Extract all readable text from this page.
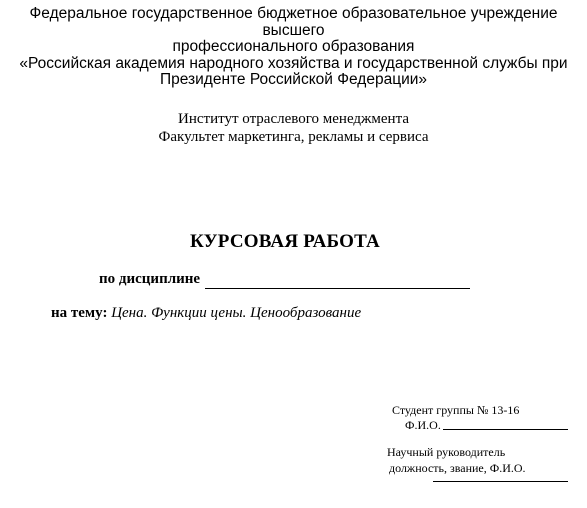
Федеральное государственное бюджетное образовательное учреждение высшего
профессионального образования
«Российская академия народного хозяйства и государственной службы при
Президенте Российской Федерации»
Институт отраслевого менеджмента
Факультет маркетинга, рекламы и сервиса
КУРСОВАЯ РАБОТА
по дисциплине
на тему: Цена. Функции цены. Ценообразование
Студент группы № 13-16
Ф.И.О.
Научный руководитель
должность, звание, Ф.И.О.
